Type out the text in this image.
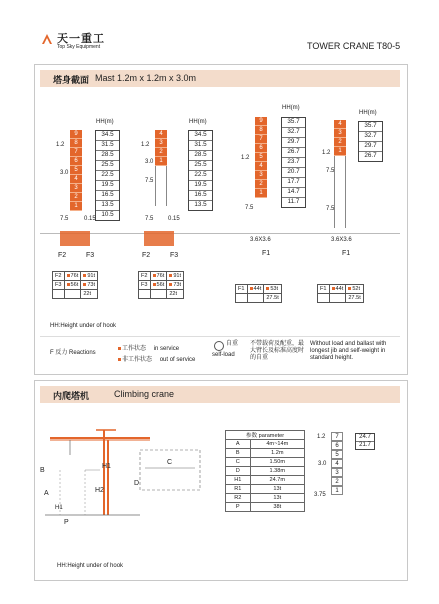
天一重工
Top Sky Equipment	TOWER CRANE T80-5
塔身截面 Mast 1.2m x 1.2m x 3.0m
9
8
7
6
5
4
3
2
1
1.2
3.0
7.5	0.15
HH(m)
34.5
31.5
28.5
25.5
22.5
19.5
16.5
13.5
10.5
F2	F3
F2	76t	91t
F3	56t	73t
		22t
4
3
2
1
1.2
3.0
7.5
7.5 0.15
HH(m)
34.5
31.5
28.5
25.5
22.5
19.5
16.5
13.5
F2	F3
F2	76t	91t
F3	56t	73t
		22t
9
8
7
6
5
4
3
2
1
1.2
7.5
3.6X3.6
HH(m)
35.7
32.7
29.7
26.7
23.7
20.7
17.7
14.7
11.7
F1
F1	44t	53t
		27.5t
4
3
2
1
1.2
7.5
7.5
3.6X3.6
HH(m)
35.7
32.7
29.7
26.7
F1
F1	44t	52t
		27.5t
HH:Height under of hook
F 反力 Reactions
工作状态 in service
非工作状态 out of service
自重
self-load
不带载荷及配重，最大臂长及标准高度时的自重
Without load and ballast with longest jib and self-weight in standard height.
内爬塔机	Climbing crane
B
H1
A	H2
H1
P
C
D
参数 parameter	
A	4m~14m
B	1.2m
C	1.50m
D	1.38m
H1	24.7m
R1	13t
R2	13t
P	38t
7
6
5
4
3
2
1
1.2
3.0
3.75
24.7
21.7
HH:Height under of hook
